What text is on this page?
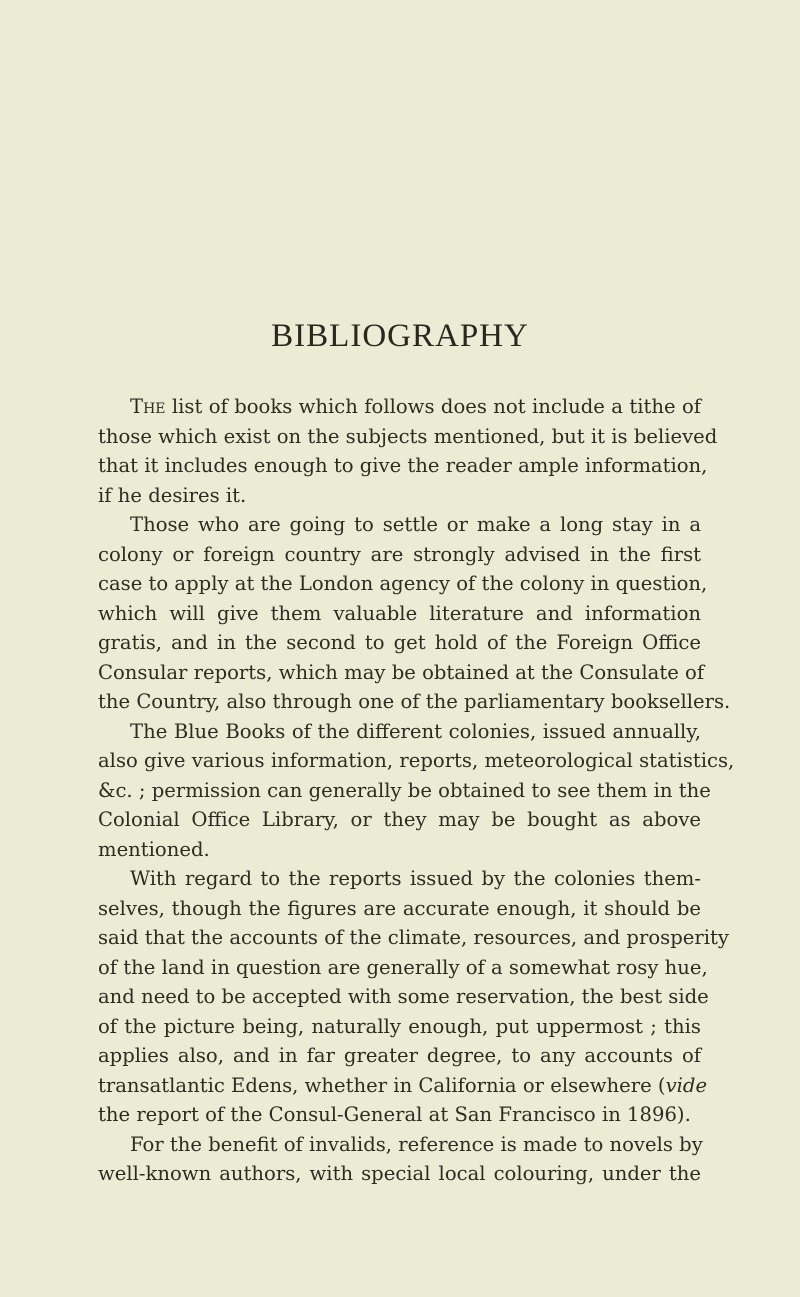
BIBLIOGRAPHY
The list of books which follows does not include a tithe of
those which exist on the subjects mentioned, but it is believed
that it includes enough to give the reader ample information,
if he desires it.
Those who are going to settle or make a long stay in a
colony or foreign country are strongly advised in the first
case to apply at the London agency of the colony in question,
which will give them valuable literature and information
gratis, and in the second to get hold of the Foreign Office
Consular reports, which may be obtained at the Consulate of
the Country, also through one of the parliamentary booksellers.
The Blue Books of the different colonies, issued annually,
also give various information, reports, meteorological statistics,
&c. ; permission can generally be obtained to see them in the
Colonial Office Library, or they may be bought as above
mentioned.
With regard to the reports issued by the colonies them-
selves, though the figures are accurate enough, it should be
said that the accounts of the climate, resources, and prosperity
of the land in question are generally of a somewhat rosy hue,
and need to be accepted with some reservation, the best side
of the picture being, naturally enough, put uppermost ; this
applies also, and in far greater degree, to any accounts of
transatlantic Edens, whether in California or elsewhere (vide
the report of the Consul-General at San Francisco in 1896).
For the benefit of invalids, reference is made to novels by
well-known authors, with special local colouring, under the
